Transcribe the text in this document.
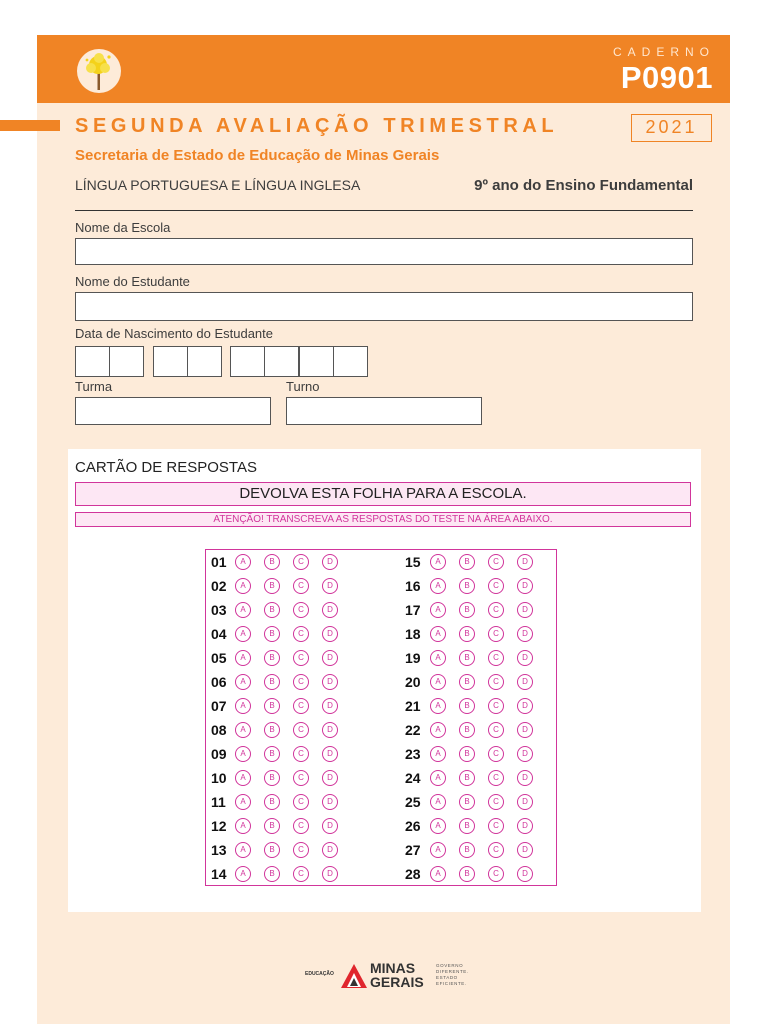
CADERNO
P0901
SEGUNDA AVALIAÇÃO TRIMESTRAL	2021
Secretaria de Estado de Educação de Minas Gerais
LÍNGUA PORTUGUESA E LÍNGUA INGLESA	9º ano do Ensino Fundamental
Nome da Escola
Nome do Estudante
Data de Nascimento do Estudante
Turma	Turno
CARTÃO DE RESPOSTAS
DEVOLVA ESTA FOLHA PARA A ESCOLA.
ATENÇÃO! TRANSCREVA AS RESPOSTAS DO TESTE NA ÁREA ABAIXO.
EDUCAÇÃO	MINAS
GERAIS
GOVERNO
DIFERENTE.
ESTADO
EFICIENTE.
01	A	B	C	D
02	A	B	C	D
03	A	B	C	D
04	A	B	C	D
05	A	B	C	D
06	A	B	C	D
07	A	B	C	D
08	A	B	C	D
09	A	B	C	D
10	A	B	C	D
11	A	B	C	D
12	A	B	C	D
13	A	B	C	D
14	A	B	C	D
15	A	B	C	D
16	A	B	C	D
17	A	B	C	D
18	A	B	C	D
19	A	B	C	D
20	A	B	C	D
21	A	B	C	D
22	A	B	C	D
23	A	B	C	D
24	A	B	C	D
25	A	B	C	D
26	A	B	C	D
27	A	B	C	D
28	A	B	C	D
